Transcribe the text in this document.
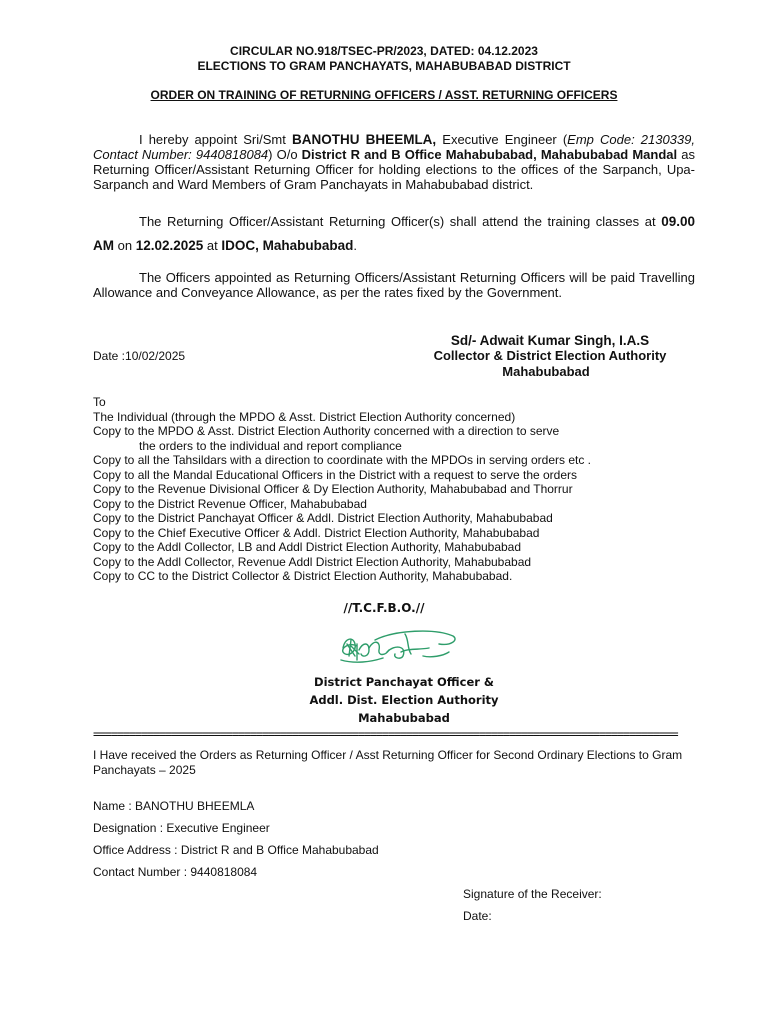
CIRCULAR NO.918/TSEC-PR/2023, DATED: 04.12.2023
ELECTIONS TO GRAM PANCHAYATS, MAHABUBABAD DISTRICT
ORDER ON TRAINING OF RETURNING OFFICERS / ASST. RETURNING OFFICERS
I hereby appoint Sri/Smt BANOTHU BHEEMLA, Executive Engineer (Emp Code: 2130339, Contact Number: 9440818084) O/o District R and B Office Mahabubabad, Mahabubabad Mandal as Returning Officer/Assistant Returning Officer for holding elections to the offices of the Sarpanch, Upa-Sarpanch and Ward Members of Gram Panchayats in Mahabubabad district.
The Returning Officer/Assistant Returning Officer(s) shall attend the training classes at 09.00 AM on 12.02.2025 at IDOC, Mahabubabad.
The Officers appointed as Returning Officers/Assistant Returning Officers will be paid Travelling Allowance and Conveyance Allowance, as per the rates fixed by the Government.
Sd/- Adwait Kumar Singh, I.A.S
Date :10/02/2025	Collector & District Election Authority
Mahabubabad
To
The Individual (through the MPDO & Asst. District Election Authority concerned)
Copy to the MPDO & Asst. District Election Authority concerned with a direction to serve
the orders to the individual and report compliance
Copy to all the Tahsildars with a direction to coordinate with the MPDOs in serving orders etc .
Copy to all the Mandal Educational Officers in the District with a request to serve the orders
Copy to the Revenue Divisional Officer & Dy Election Authority, Mahabubabad and Thorrur
Copy to the District Revenue Officer, Mahabubabad
Copy to the District Panchayat Officer & Addl. District Election Authority, Mahabubabad
Copy to the Chief Executive Officer & Addl. District Election Authority, Mahabubabad
Copy to the Addl Collector, LB and Addl District Election Authority, Mahabubabad
Copy to the Addl Collector, Revenue Addl District Election Authority, Mahabubabad
Copy to CC to the District Collector & District Election Authority, Mahabubabad.
//T.C.F.B.O.//
District Panchayat Officer &
Addl. Dist. Election Authority
Mahabubabad
=================================================================================================
I Have received the Orders as Returning Officer / Asst Returning Officer for Second Ordinary Elections to Gram Panchayats – 2025
Name : BANOTHU BHEEMLA
Designation : Executive Engineer
Office Address : District R and B Office Mahabubabad
Contact Number : 9440818084
Signature of the Receiver:
Date:
